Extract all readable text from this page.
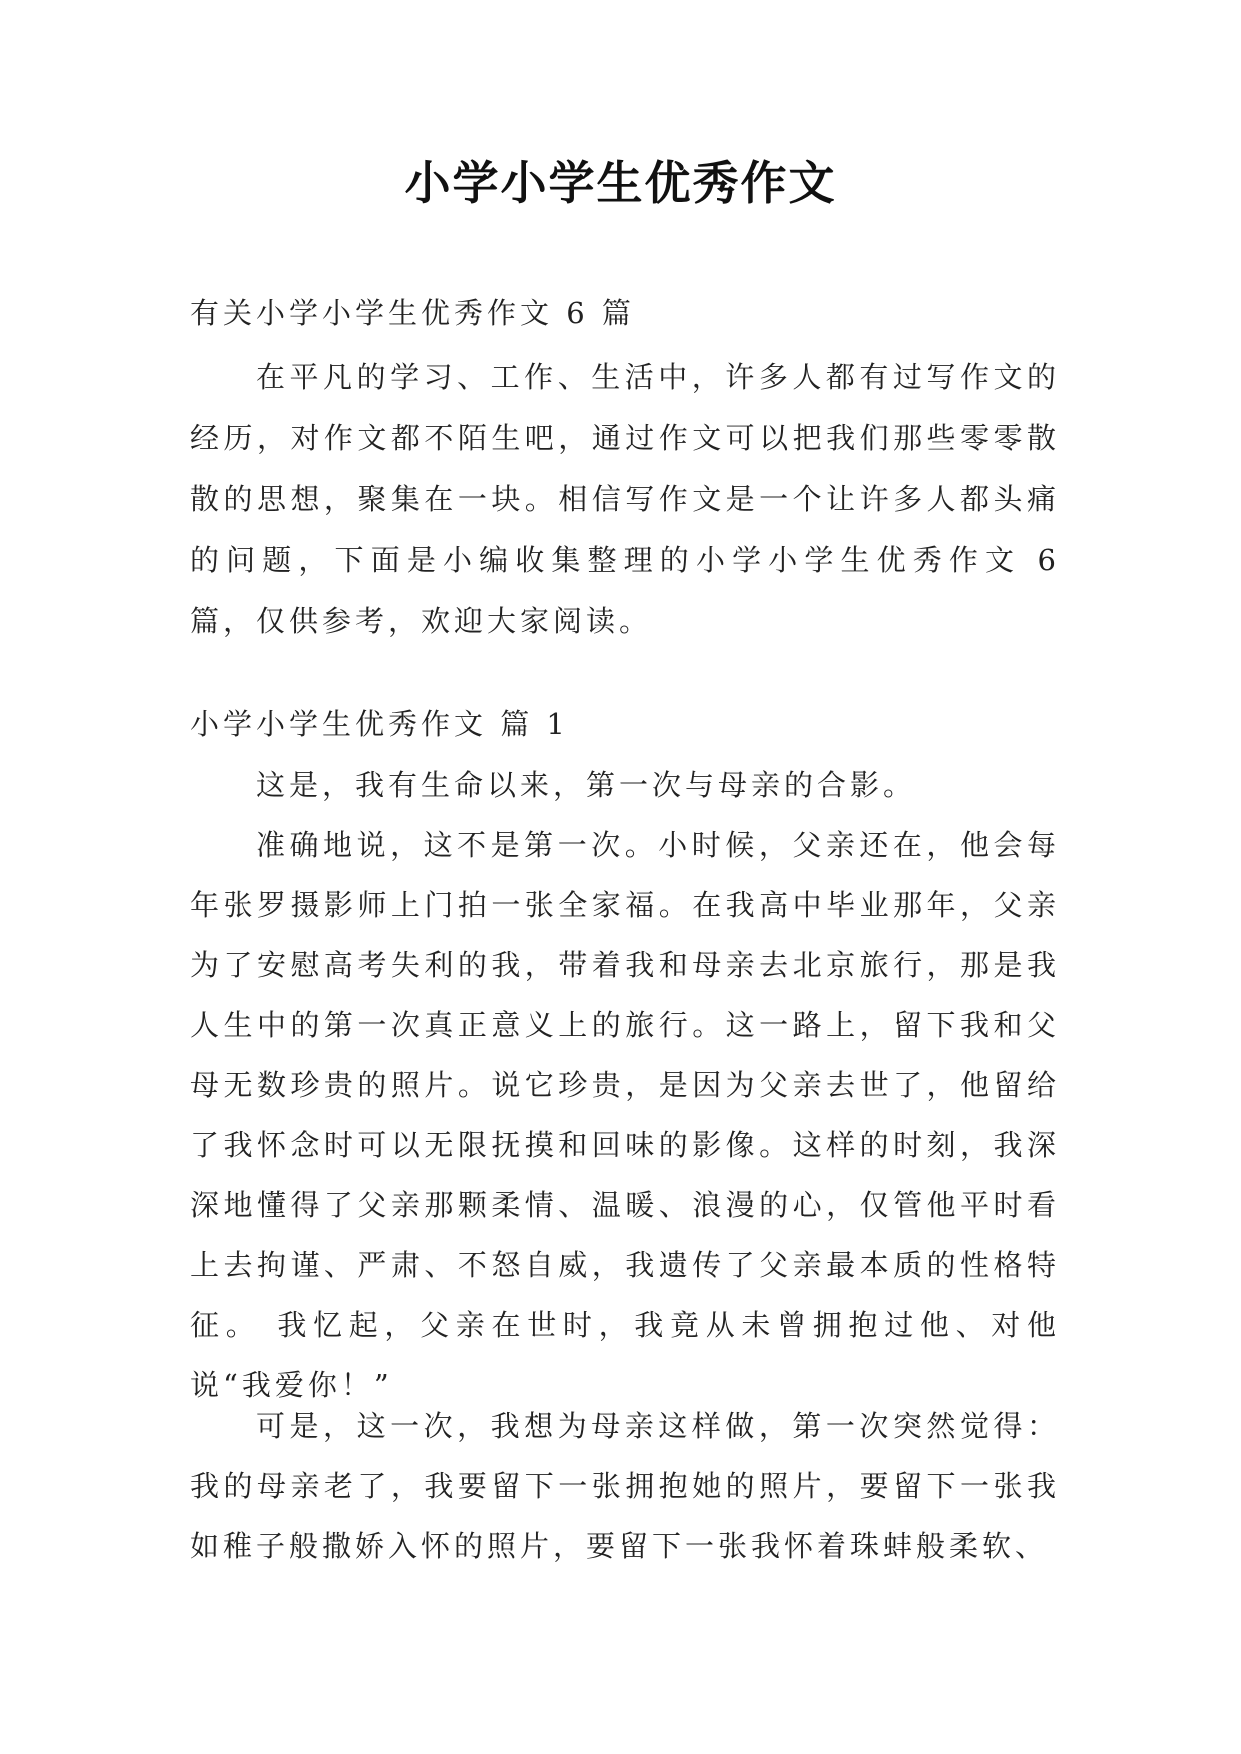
小学小学生优秀作文
有关小学小学生优秀作文 6 篇
在平凡的学习、工作、生活中，许多人都有过写作文的经历，对作文都不陌生吧，通过作文可以把我们那些零零散散的思想，聚集在一块。相信写作文是一个让许多人都头痛的问题，下面是小编收集整理的小学小学生优秀作文 6 篇，仅供参考，欢迎大家阅读。
小学小学生优秀作文 篇 1
这是，我有生命以来，第一次与母亲的合影。
准确地说，这不是第一次。小时候，父亲还在，他会每年张罗摄影师上门拍一张全家福。在我高中毕业那年，父亲为了安慰高考失利的我，带着我和母亲去北京旅行，那是我人生中的第一次真正意义上的旅行。这一路上，留下我和父母无数珍贵的照片。说它珍贵，是因为父亲去世了，他留给了我怀念时可以无限抚摸和回味的影像。这样的时刻，我深深地懂得了父亲那颗柔情、温暖、浪漫的心，仅管他平时看上去拘谨、严肃、不怒自威，我遗传了父亲最本质的性格特征。 我忆起，父亲在世时，我竟从未曾拥抱过他、对他说“我爱你！”
可是，这一次，我想为母亲这样做，第一次突然觉得：我的母亲老了，我要留下一张拥抱她的照片，要留下一张我如稚子般撒娇入怀的照片，要留下一张我怀着珠蚌般柔软、
